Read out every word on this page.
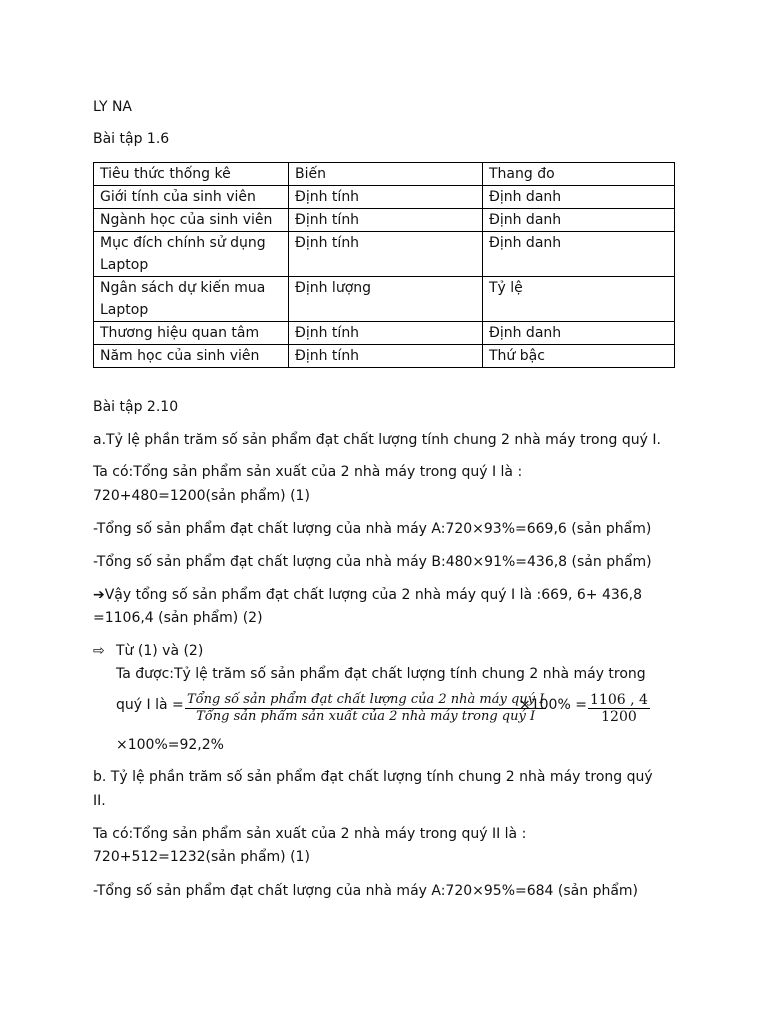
LY NA
Bài tập 1.6
Tiêu thức thống kê	Biến	Thang đo
Giới tính của sinh viên	Định tính	Định danh
Ngành học của sinh viên	Định tính	Định danh
Mục đích chính sử dụng Laptop	Định tính	Định danh
Ngân sách dự kiến mua Laptop	Định lượng	Tỷ lệ
Thương hiệu quan tâm	Định tính	Định danh
Năm học của sinh viên	Định tính	Thứ bậc
Bài tập 2.10
a.Tỷ lệ phần trăm số sản phẩm đạt chất lượng tính chung 2 nhà máy trong quý I.
Ta có:Tổng sản phẩm sản xuất của 2 nhà máy trong quý I là :
720+480=1200(sản phẩm) (1)
-Tổng số sản phẩm đạt chất lượng của nhà máy A:720×93%=669,6 (sản phẩm)
-Tổng số sản phẩm đạt chất lượng của nhà máy B:480×91%=436,8 (sản phẩm)
➔Vậy tổng số sản phẩm đạt chất lượng của 2 nhà máy quý I là :669, 6+ 436,8
=1106,4 (sản phẩm) (2)
⇨ Từ (1) và (2)
Ta được:Tỷ lệ trăm số sản phẩm đạt chất lượng tính chung 2 nhà máy trong
quý I là = Tổng số sản phẩm đạt chất lượng của 2 nhà máy quý I
Tổng sản phẩm sản xuất của 2 nhà máy trong quý I
$\times 100\% = \frac{1106 , 4}{1200}$
×100%=92,2%
b. Tỷ lệ phần trăm số sản phẩm đạt chất lượng tính chung 2 nhà máy trong quý
II.
Ta có:Tổng sản phẩm sản xuất của 2 nhà máy trong quý II là :
720+512=1232(sản phẩm) (1)
-Tổng số sản phẩm đạt chất lượng của nhà máy A:720×95%=684 (sản phẩm)
